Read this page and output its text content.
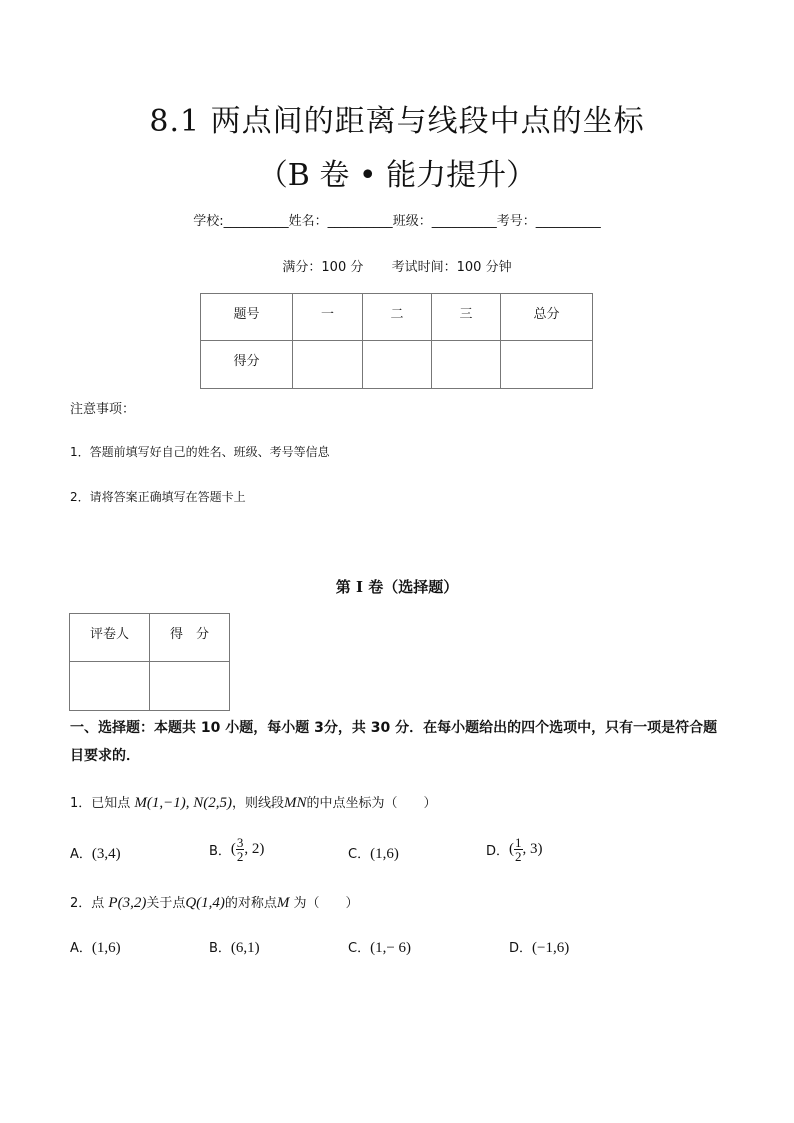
8.1 两点间的距离与线段中点的坐标
（B 卷 • 能力提升）
学校:__________姓名：__________班级：__________考号：__________
满分：100 分 考试时间：100 分钟
题号	一	二	三	总分
得分				
注意事项：
1．答题前填写好自己的姓名、班级、考号等信息
2．请将答案正确填写在答题卡上
第 I 卷（选择题）
评卷人	得　分

一、选择题：本题共 10 小题，每小题 3分，共 30 分．在每小题给出的四个选项中，只有一项是符合题目要求的．
1．已知点 M(1,−1), N(2,5)，则线段MN的中点坐标为（　　）
A．(3,4)	B．( $\frac{3}{2}$ , 2)	C．(1,6)	D．( $\frac{1}{2}$ , 3)
2．点 P(3,2)关于点Q(1,4)的对称点M 为（　　）
A．(1,6)	B．(6,1)	C．(1,− 6)	D．(−1,6)
